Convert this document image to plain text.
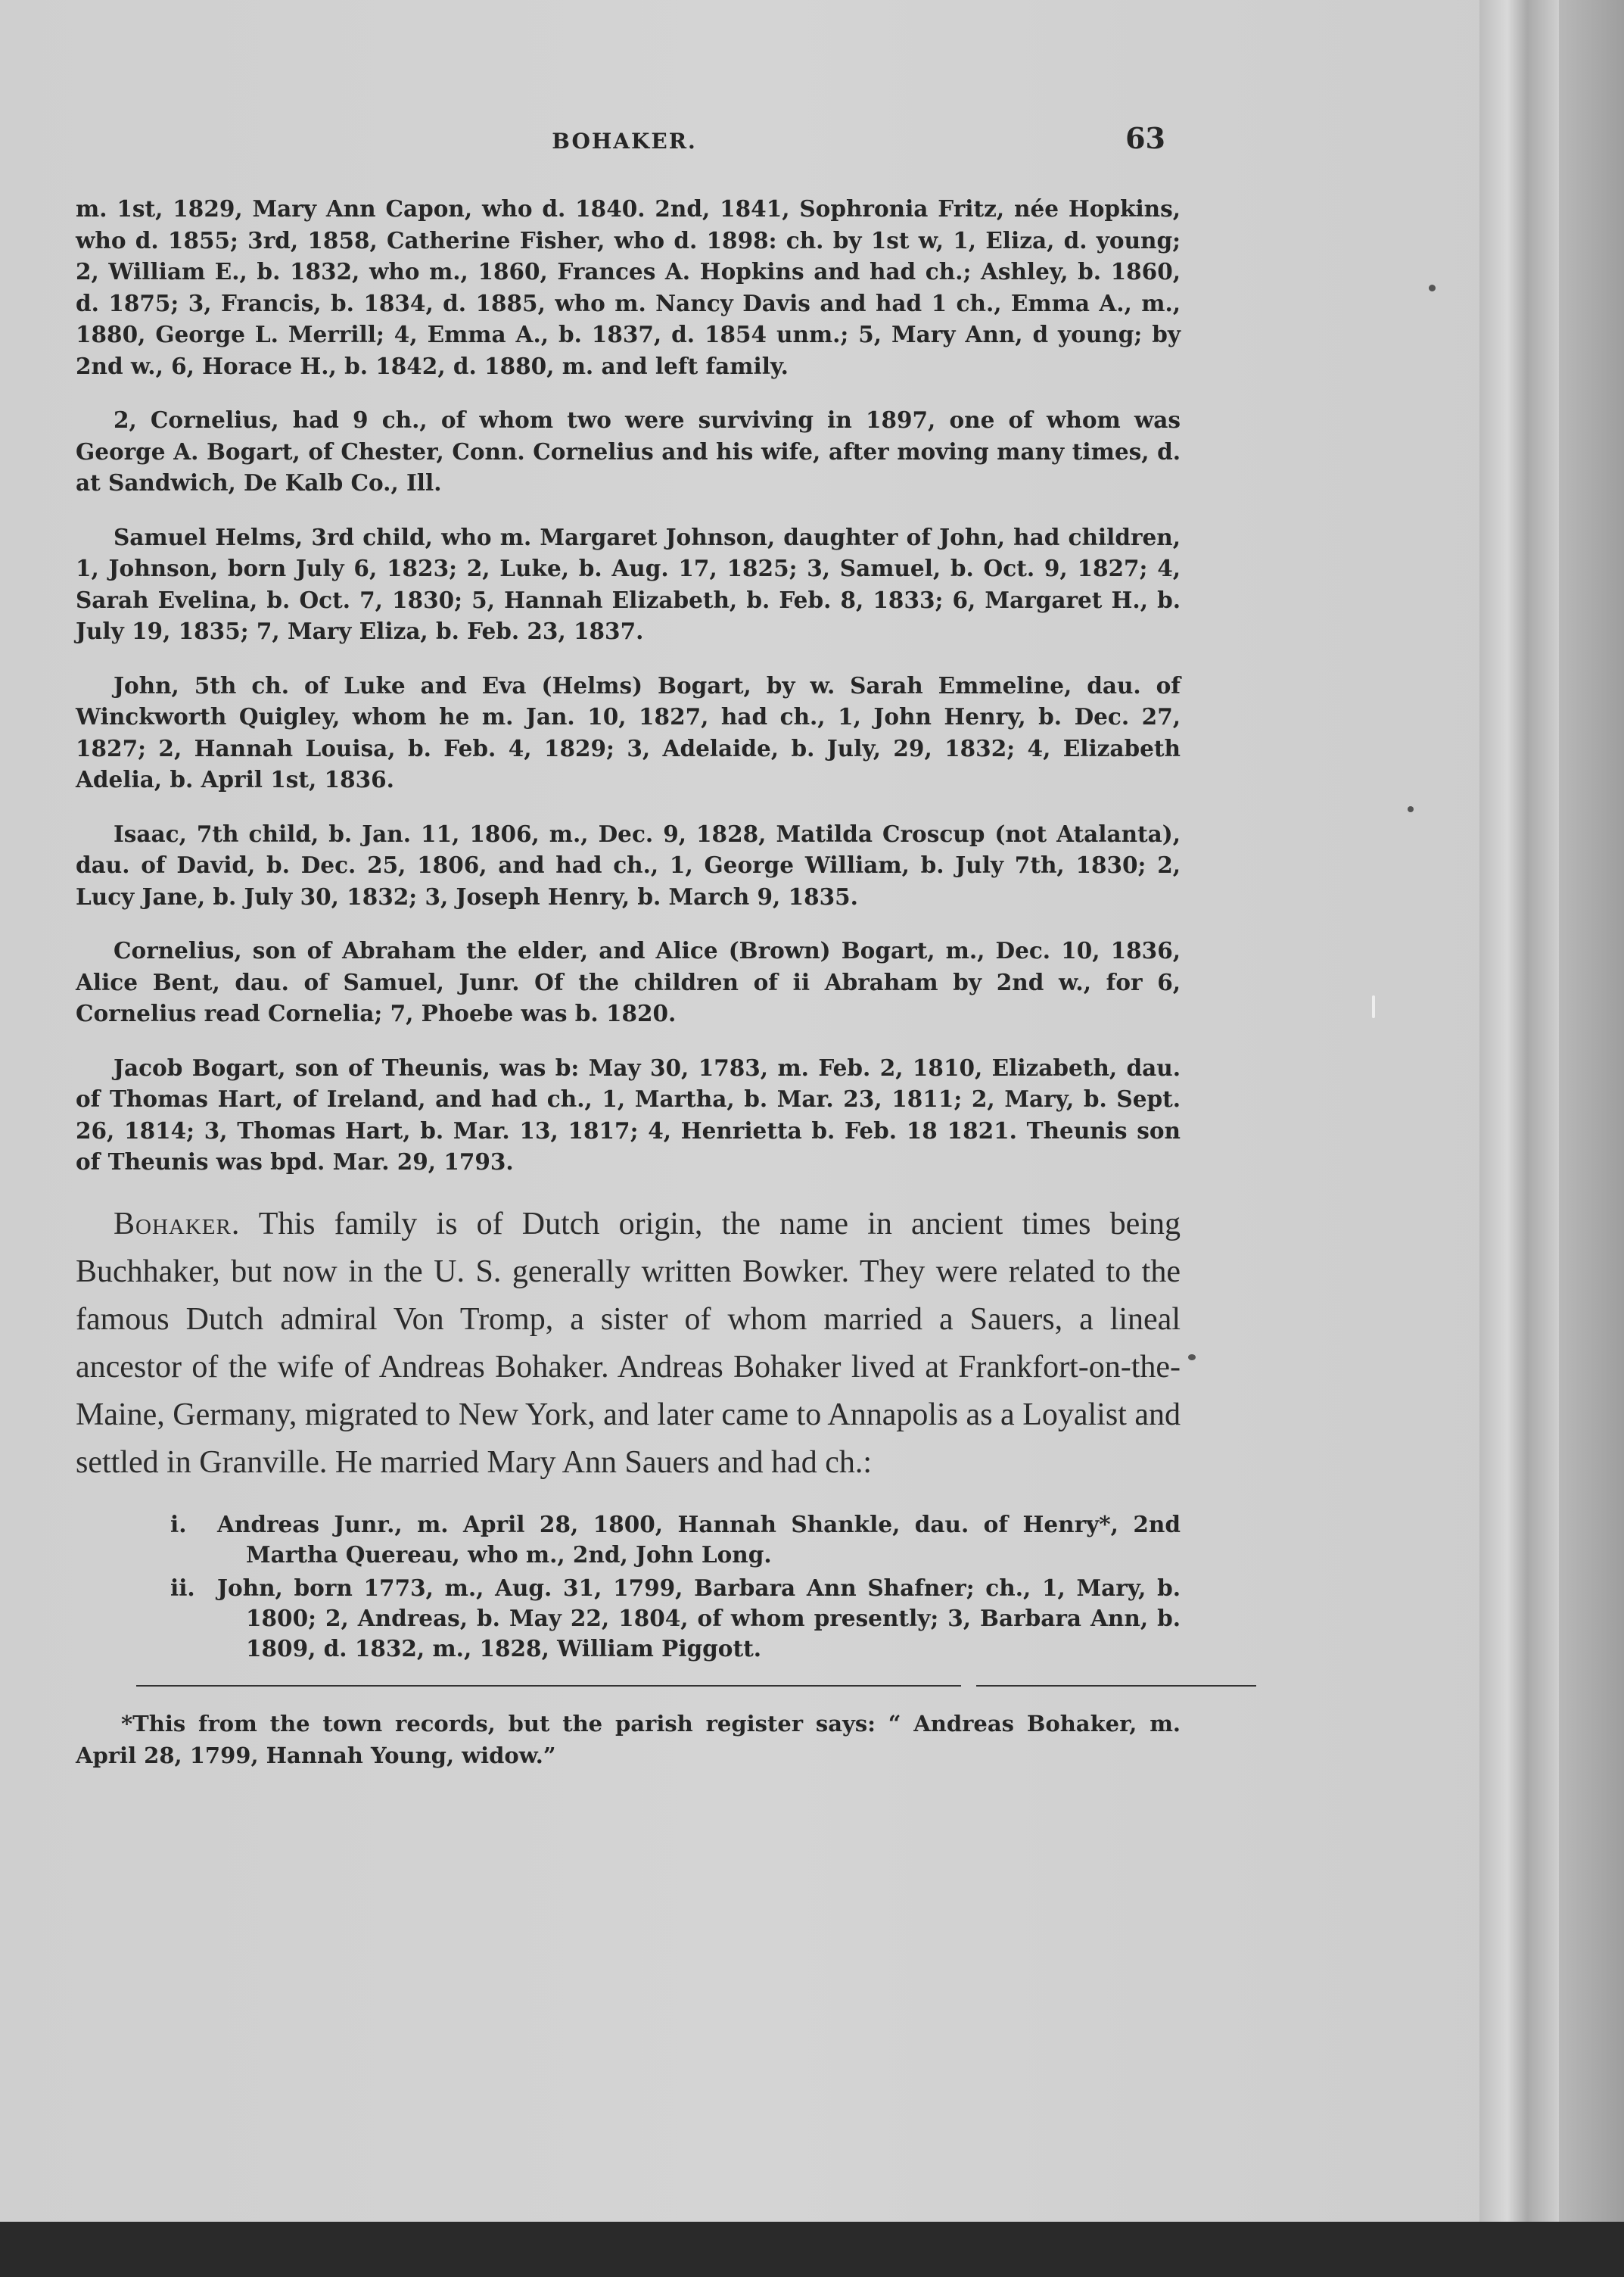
BOHAKER.	63

m. 1st, 1829, Mary Ann Capon, who d. 1840. 2nd, 1841, Sophronia Fritz, née Hopkins, who d. 1855; 3rd, 1858, Catherine Fisher, who d. 1898: ch. by 1st w, 1, Eliza, d. young; 2, William E., b. 1832, who m., 1860, Frances A. Hopkins and had ch.; Ashley, b. 1860, d. 1875; 3, Francis, b. 1834, d. 1885, who m. Nancy Davis and had 1 ch., Emma A., m., 1880, George L. Merrill; 4, Emma A., b. 1837, d. 1854 unm.; 5, Mary Ann, d young; by 2nd w., 6, Horace H., b. 1842, d. 1880, m. and left family.

2, Cornelius, had 9 ch., of whom two were surviving in 1897, one of whom was George A. Bogart, of Chester, Conn. Cornelius and his wife, after moving many times, d. at Sandwich, De Kalb Co., Ill.

Samuel Helms, 3rd child, who m. Margaret Johnson, daughter of John, had children, 1, Johnson, born July 6, 1823; 2, Luke, b. Aug. 17, 1825; 3, Samuel, b. Oct. 9, 1827; 4, Sarah Evelina, b. Oct. 7, 1830; 5, Hannah Elizabeth, b. Feb. 8, 1833; 6, Margaret H., b. July 19, 1835; 7, Mary Eliza, b. Feb. 23, 1837.

John, 5th ch. of Luke and Eva (Helms) Bogart, by w. Sarah Emmeline, dau. of Winckworth Quigley, whom he m. Jan. 10, 1827, had ch., 1, John Henry, b. Dec. 27, 1827; 2, Hannah Louisa, b. Feb. 4, 1829; 3, Adelaide, b. July, 29, 1832; 4, Elizabeth Adelia, b. April 1st, 1836.

Isaac, 7th child, b. Jan. 11, 1806, m., Dec. 9, 1828, Matilda Croscup (not Atalanta), dau. of David, b. Dec. 25, 1806, and had ch., 1, George William, b. July 7th, 1830; 2, Lucy Jane, b. July 30, 1832; 3, Joseph Henry, b. March 9, 1835.

Cornelius, son of Abraham the elder, and Alice (Brown) Bogart, m., Dec. 10, 1836, Alice Bent, dau. of Samuel, Junr. Of the children of ii Abraham by 2nd w., for 6, Cornelius read Cornelia; 7, Phoebe was b. 1820.

Jacob Bogart, son of Theunis, was b: May 30, 1783, m. Feb. 2, 1810, Elizabeth, dau. of Thomas Hart, of Ireland, and had ch., 1, Martha, b. Mar. 23, 1811; 2, Mary, b. Sept. 26, 1814; 3, Thomas Hart, b. Mar. 13, 1817; 4, Henrietta b. Feb. 18 1821. Theunis son of Theunis was bpd. Mar. 29, 1793.

Bohaker. This family is of Dutch origin, the name in ancient times being Buchhaker, but now in the U. S. generally written Bowker. They were related to the famous Dutch admiral Von Tromp, a sister of whom married a Sauers, a lineal ancestor of the wife of Andreas Bohaker. Andreas Bohaker lived at Frankfort-on-the-Maine, Germany, migrated to New York, and later came to Annapolis as a Loyalist and settled in Granville. He married Mary Ann Sauers and had ch.:

i. Andreas Junr., m. April 28, 1800, Hannah Shankle, dau. of Henry*, 2nd Martha Quereau, who m., 2nd, John Long.
ii. John, born 1773, m., Aug. 31, 1799, Barbara Ann Shafner; ch., 1, Mary, b. 1800; 2, Andreas, b. May 22, 1804, of whom presently; 3, Barbara Ann, b. 1809, d. 1832, m., 1828, William Piggott.

*This from the town records, but the parish register says: “ Andreas Bohaker, m. April 28, 1799, Hannah Young, widow.”
